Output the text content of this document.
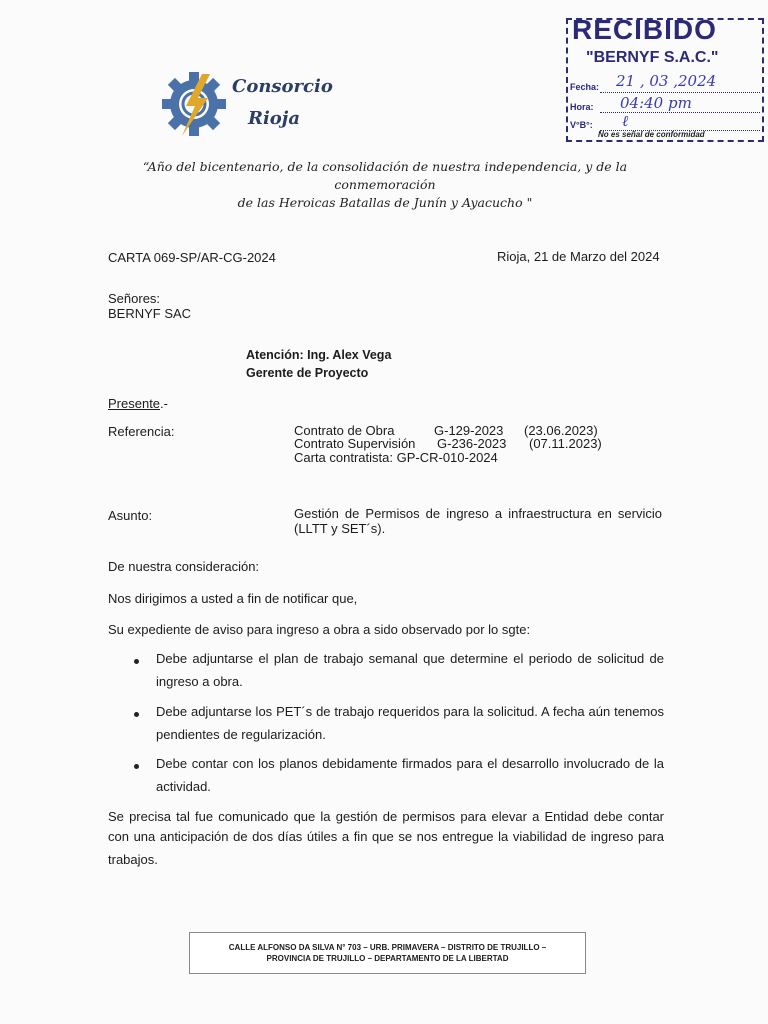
RECIBIDO
"BERNYF S.A.C."
Fecha: 21 , 03 ,2024
Hora: 04:40 pm
V°B°: ℓ
No es señal de conformidad
Consorcio
Rioja
“Año del bicentenario, de la consolidación de nuestra independencia, y de la conmemoración
de las Heroicas Batallas de Junín y Ayacucho "
CARTA 069-SP/AR-CG-2024	Rioja, 21 de Marzo del 2024
Señores:
BERNYF SAC
Atención: Ing. Alex Vega
Gerente de Proyecto
Presente.-
Referencia:	Contrato de Obra	G-129-2023 (23.06.2023)
Contrato Supervisión G-236-2023 (07.11.2023)
Carta contratista: GP-CR-010-2024
Asunto:	Gestión de Permisos de ingreso a infraestructura en servicio
(LLTT y SET´s).
De nuestra consideración:
Nos dirigimos a usted a fin de notificar que,
Su expediente de aviso para ingreso a obra a sido observado por lo sgte:
Debe adjuntarse el plan de trabajo semanal que determine el periodo de solicitud de
ingreso a obra.
Debe adjuntarse los PET´s de trabajo requeridos para la solicitud. A fecha aún tenemos
pendientes de regularización.
Debe contar con los planos debidamente firmados para el desarrollo involucrado de la
actividad.
Se precisa tal fue comunicado que la gestión de permisos para elevar a Entidad debe contar
con una anticipación de dos días útiles a fin que se nos entregue la viabilidad de ingreso para
trabajos.
CALLE ALFONSO DA SILVA N° 703 – URB. PRIMAVERA – DISTRITO DE TRUJILLO –
PROVINCIA DE TRUJILLO – DEPARTAMENTO DE LA LIBERTAD
